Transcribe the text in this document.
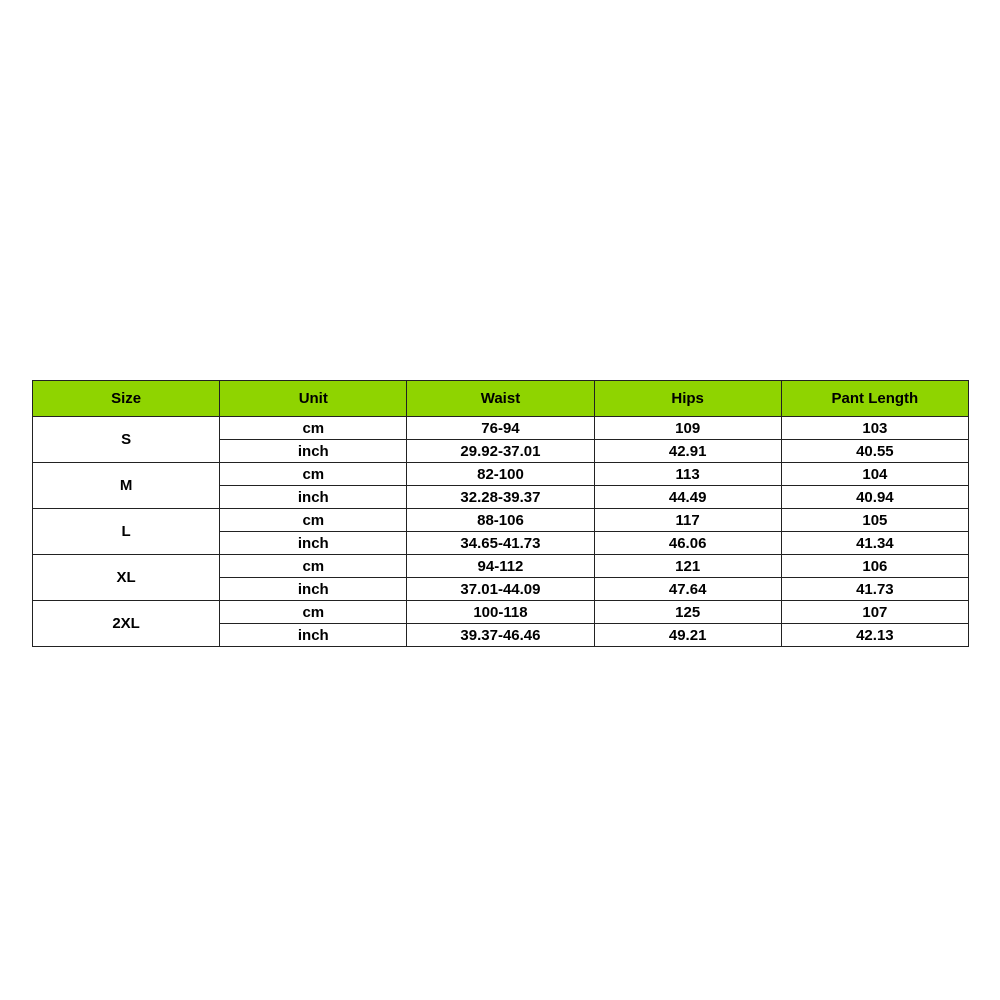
Size	Unit	Waist	Hips	Pant Length
S	cm	76-94	109	103
	inch	29.92-37.01	42.91	40.55
M	cm	82-100	113	104
	inch	32.28-39.37	44.49	40.94
L	cm	88-106	117	105
	inch	34.65-41.73	46.06	41.34
XL	cm	94-112	121	106
	inch	37.01-44.09	47.64	41.73
2XL	cm	100-118	125	107
	inch	39.37-46.46	49.21	42.13
